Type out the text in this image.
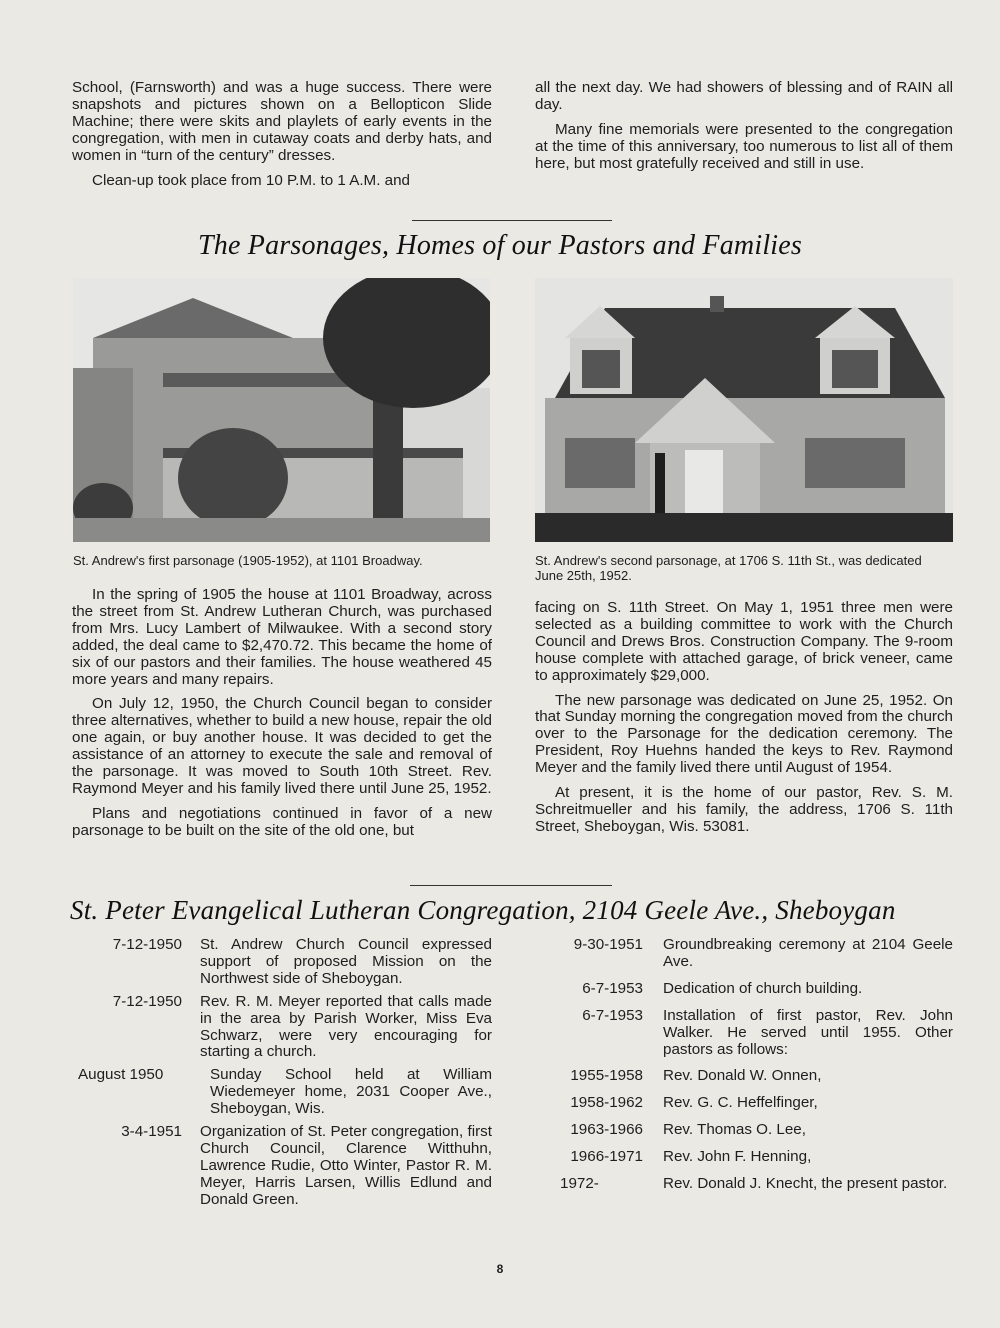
School, (Farnsworth) and was a huge success. There were snapshots and pictures shown on a Bellopticon Slide Machine; there were skits and playlets of early events in the congregation, with men in cutaway coats and derby hats, and women in “turn of the century” dresses.

Clean-up took place from 10 P.M. to 1 A.M. and

all the next day. We had showers of blessing and of RAIN all day.

Many fine memorials were presented to the congregation at the time of this anniversary, too numerous to list all of them here, but most gratefully received and still in use.

The Parsonages, Homes of our Pastors and Families
St. Andrew's first parsonage (1905-1952), at 1101 Broadway.	St. Andrew's second parsonage, at 1706 S. 11th St., was dedicated June 25th, 1952.

In the spring of 1905 the house at 1101 Broadway, across the street from St. Andrew Lutheran Church, was purchased from Mrs. Lucy Lambert of Milwaukee. With a second story added, the deal came to $2,470.72. This became the home of six of our pastors and their families. The house weathered 45 more years and many repairs.

On July 12, 1950, the Church Council began to consider three alternatives, whether to build a new house, repair the old one again, or buy another house. It was decided to get the assistance of an attorney to execute the sale and removal of the parsonage. It was moved to South 10th Street. Rev. Raymond Meyer and his family lived there until June 25, 1952.

Plans and negotiations continued in favor of a new parsonage to be built on the site of the old one, but

facing on S. 11th Street. On May 1, 1951 three men were selected as a building committee to work with the Church Council and Drews Bros. Construction Company. The 9-room house complete with attached garage, of brick veneer, came to approximately $29,000.

The new parsonage was dedicated on June 25, 1952. On that Sunday morning the congregation moved from the church over to the Parsonage for the dedication ceremony. The President, Roy Huehns handed the keys to Rev. Raymond Meyer and the family lived there until August of 1954.

At present, it is the home of our pastor, Rev. S. M. Schreitmueller and his family, the address, 1706 S. 11th Street, Sheboygan, Wis. 53081.

St. Peter Evangelical Lutheran Congregation, 2104 Geele Ave., Sheboygan
7-12-1950 St. Andrew Church Council expressed support of proposed Mission on the Northwest side of Sheboygan.
7-12-1950 Rev. R. M. Meyer reported that calls made in the area by Parish Worker, Miss Eva Schwarz, were very encouraging for starting a church.
August 1950	Sunday School held at William Wiedemeyer home, 2031 Cooper Ave., Sheboygan, Wis.
3-4-1951 Organization of St. Peter congregation, first Church Council, Clarence Witthuhn, Lawrence Rudie, Otto Winter, Pastor R. M. Meyer, Harris Larsen, Willis Edlund and Donald Green.
9-30-1951 Groundbreaking ceremony at 2104 Geele Ave.
6-7-1953 Dedication of church building.
6-7-1953 Installation of first pastor, Rev. John Walker. He served until 1955. Other pastors as follows:
1955-1958 Rev. Donald W. Onnen,
1958-1962 Rev. G. C. Heffelfinger,
1963-1966 Rev. Thomas O. Lee,
1966-1971 Rev. John F. Henning,
1972-	Rev. Donald J. Knecht, the present pastor.
8
